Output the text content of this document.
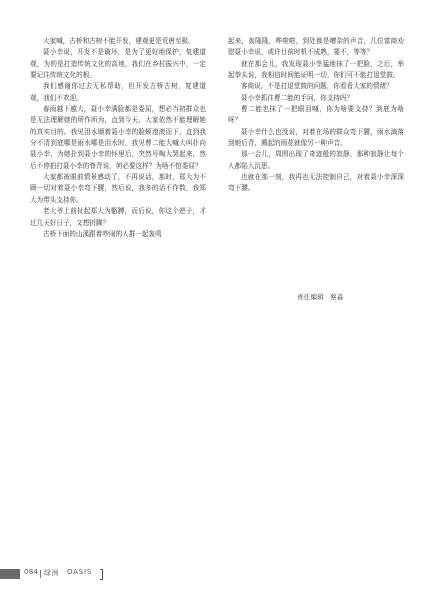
大家喊，古桥和古树不能开发，建观更是荒唐至极。

聂小幸说，开发不是破坏，是为了更好地保护，复建道观，为的是打造传统文化的高地，我们在乡村振兴中，一定要记住传统文化的根。

我们感谢你过去无私帮助，但开发古桥古树，复建道观，我们不欢迎。

春雨越下越大，聂小幸满脸都是委屈，想必当初群众也是无法理解她的所作所为，直到今天，大家依然不能理解她的真实目的。我见泪水顺着聂小幸的脸颊滚滚而下，直到我分不清到底哪是雨水哪是泪水时，我见曹二能大喊大叫扑向聂小幸，为她扑到聂小幸的怀里后，突然号啕大哭起来，然后不停拍打聂小幸的脊背说，何必要这样？为啥不怕委屈？

大家都被眼前情景感动了，不再说话，那时，郑大为不顾一切对着聂小幸弯下腰，然后说，我多的话不作数，我郑大为带头支持你。

老大爷上前扯起郑大为骼膊，而后说，你这个逆子，才过几天好日子，又想折腾？

古桥下面的山溪跟着吵闹的人群一起轰鸣

起来，轰隆隆，哗啦啦，到处都是嘈杂的声音，几位富商劝慰聂小幸说，或许目前时机不成熟，要不，等等？

就在那会儿，我发现聂小幸猛地抹了一把脸，之后，举起拳头说，我相信时间能证明一切，你们可不能打退堂鼓。

客商说，不是打退堂鼓的问题，你看看大家的情绪？

聂小幸抓住曹二能的手问，你支持吗？

曹二能也抹了一把眼泪喊，你为啥要支持？到底为啥呀？

聂小幸什么也没说，对着在场的群众弯下腰，雨水滴落到她后背，溅起的雨花就像另一种声音。

那一会儿，周围出现了奇迹般的寂静，那种寂静让每个人都陷入沉思。

也就在那一刻，我再也无法控制自己，对着聂小幸深深弯下腰。

责任编辑 蔡淼
084 绿洲 OASIS
